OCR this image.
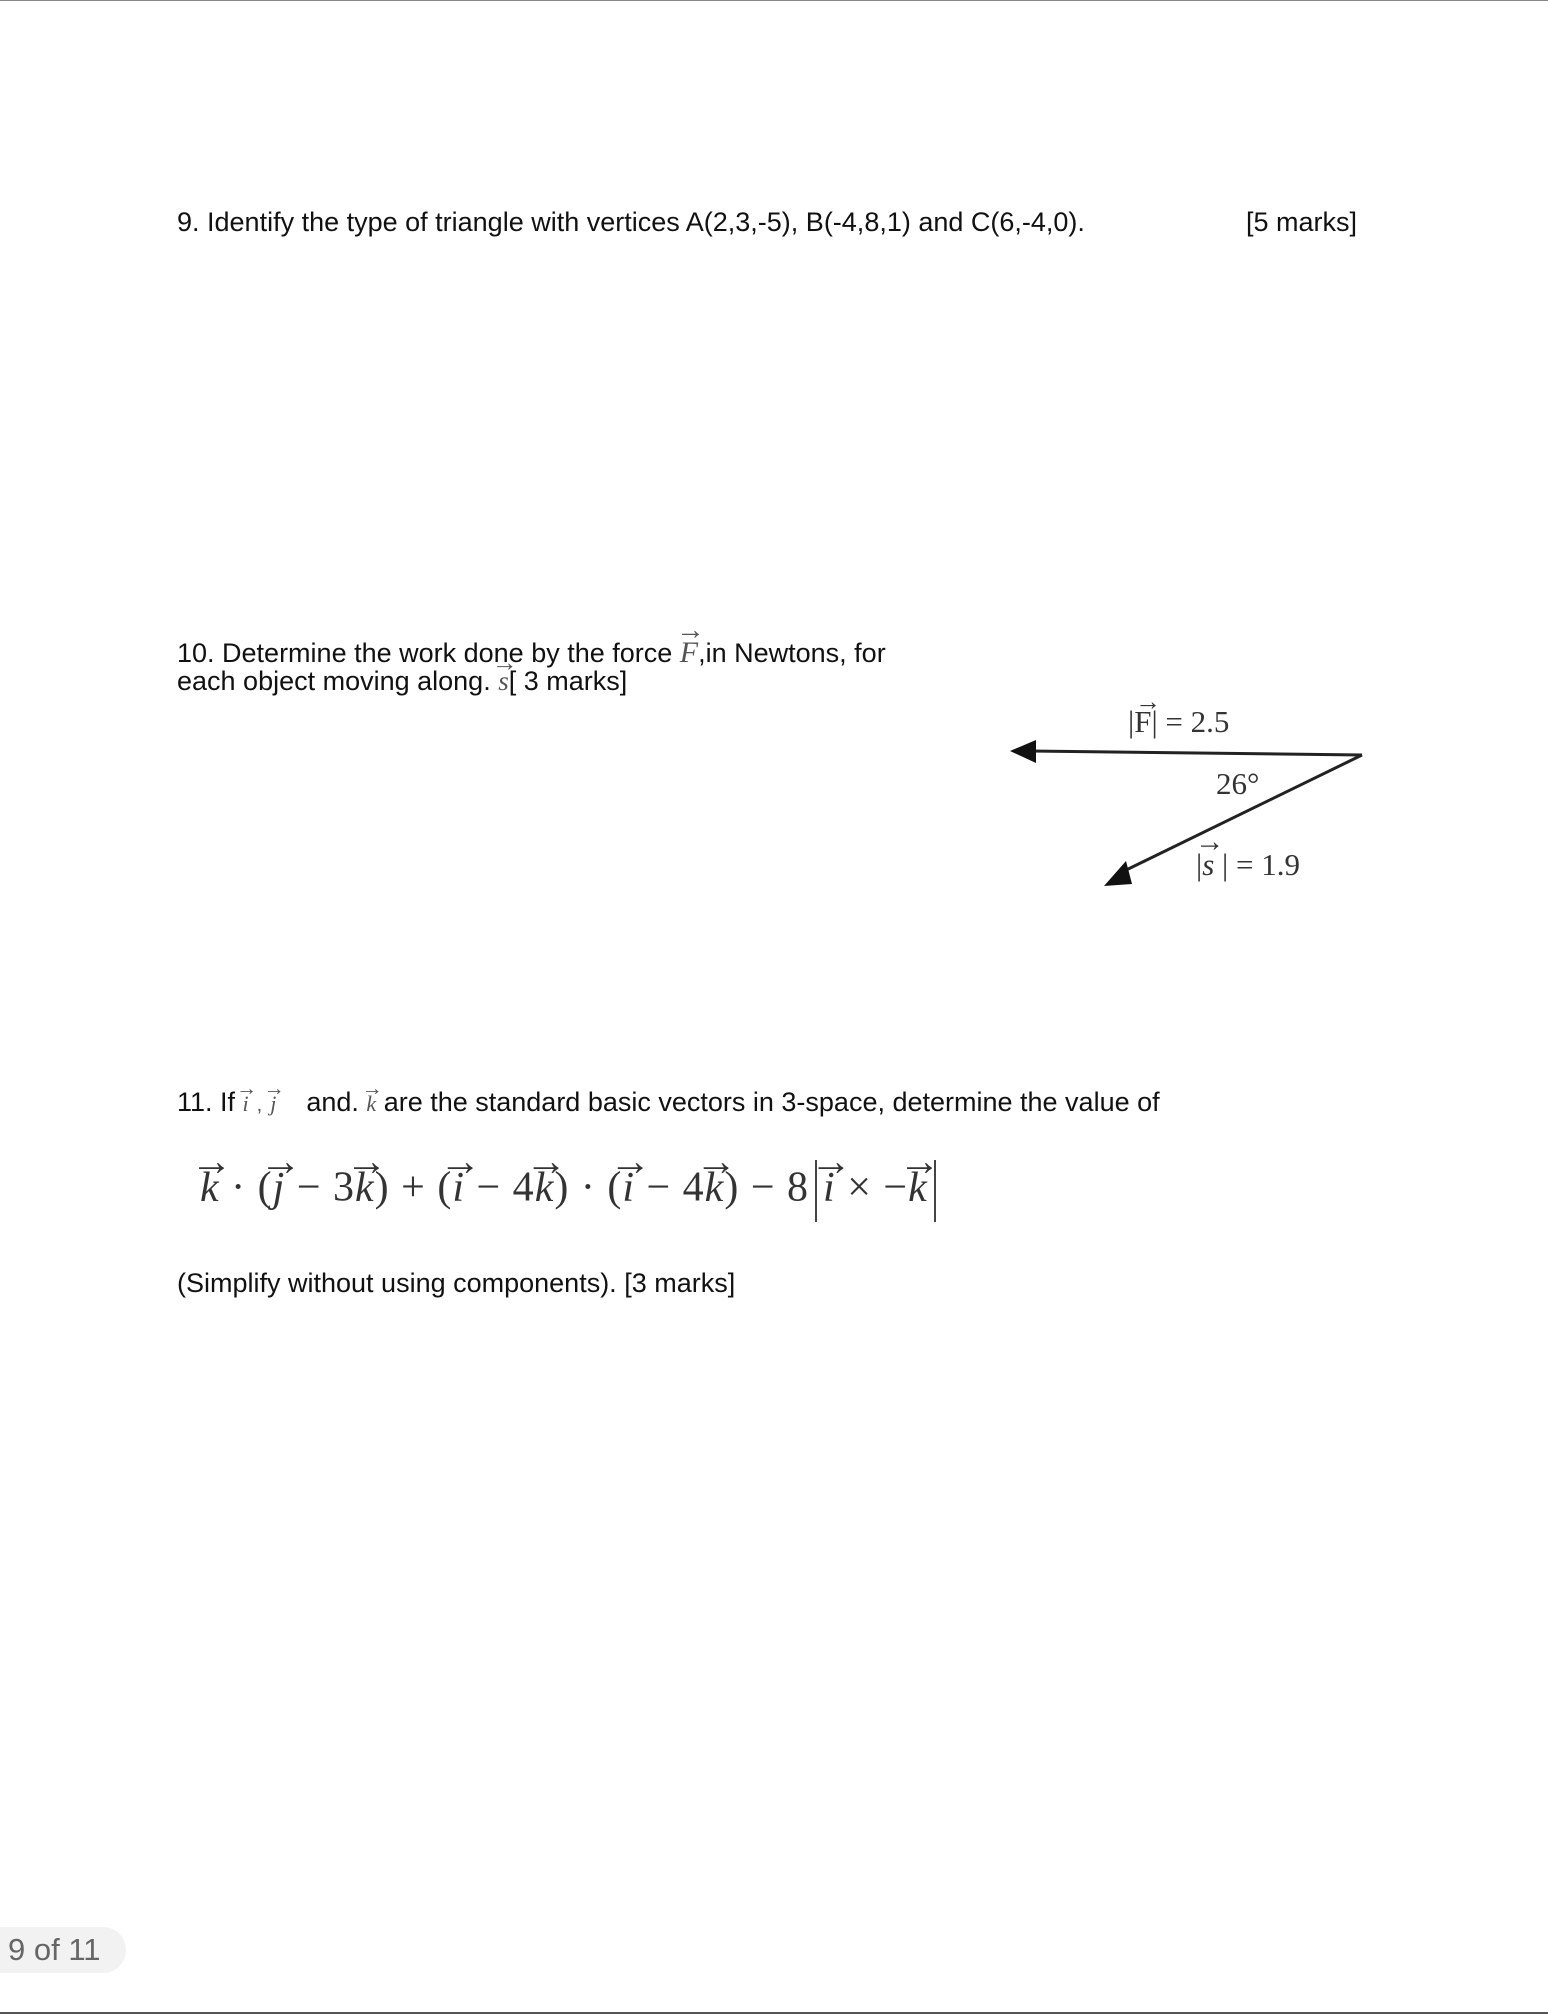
9. Identify the type of triangle with vertices A(2,3,-5), B(-4,8,1) and C(6,-4,0).	[5 marks]
10. Determine the work done by the force → F,in Newtons, for
each object moving along. → s[ 3 marks]
→ |F| = 2.5
26°
|→ s | = 1.9
11. If → i , → j and. → k are the standard basic vectors in 3-space, determine the value of
→ k · (→ j − 3→ k) + (→ i − 4→ k) · (→ i − 4→ k) − 8 → i × −→ k
(Simplify without using components). [3 marks]
9 of 11
